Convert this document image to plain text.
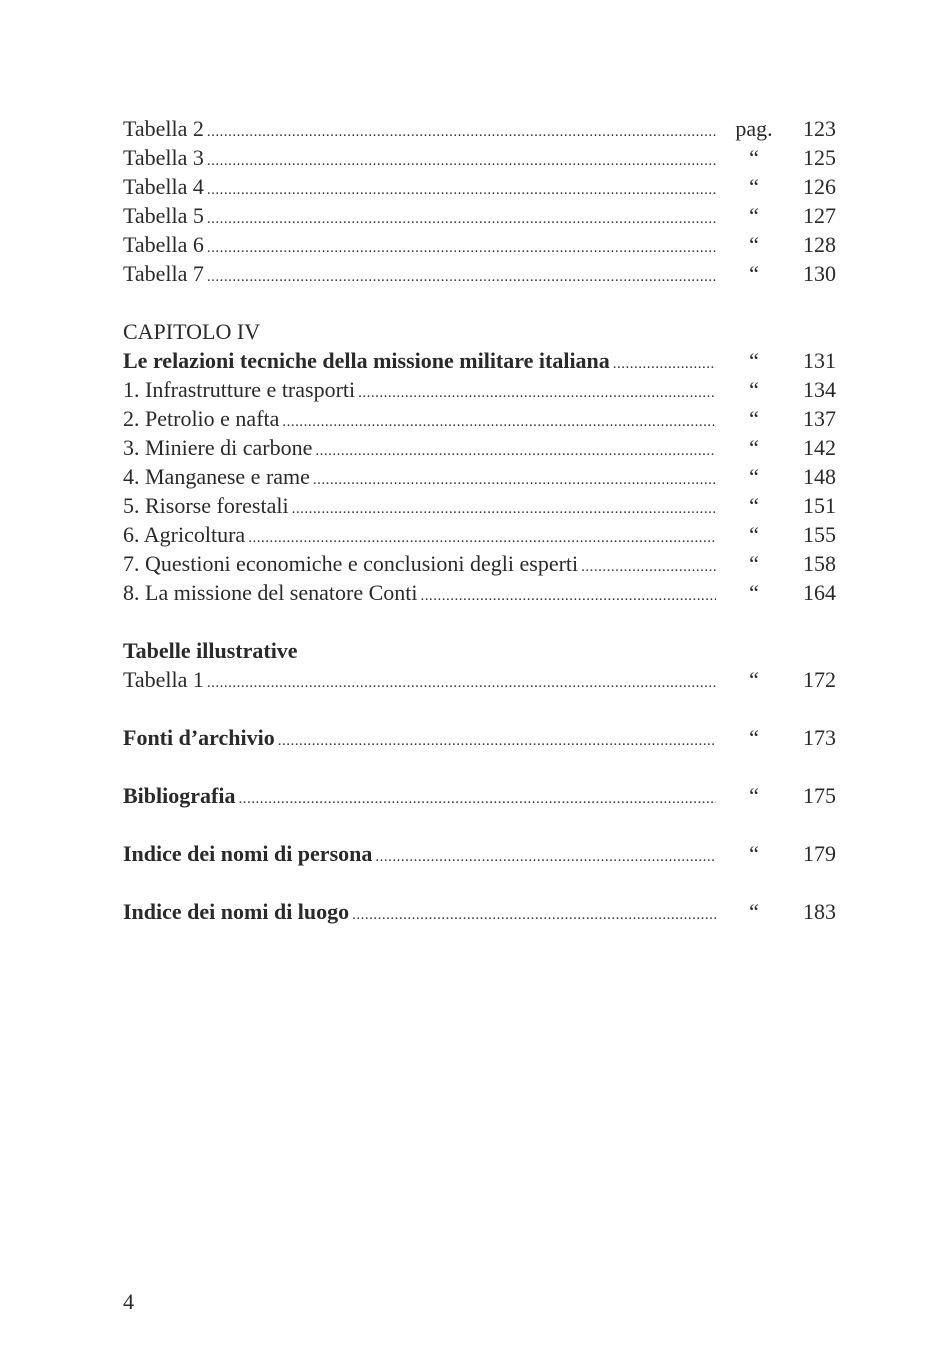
Tabella 2 .....	pag.	123
Tabella 3 .....	“	125
Tabella 4 .....	“	126
Tabella 5 .....	“	127
Tabella 6 .....	“	128
Tabella 7 .....	“	130
CAPITOLO IV
Le relazioni tecniche della missione militare italiana .....	“	131
1. Infrastrutture e trasporti .....	“	134
2. Petrolio e nafta .....	“	137
3. Miniere di carbone .....	“	142
4. Manganese e rame .....	“	148
5. Risorse forestali .....	“	151
6. Agricoltura .....	“	155
7. Questioni economiche e conclusioni degli esperti .....	“	158
8. La missione del senatore Conti .....	“	164
Tabelle illustrative
Tabella 1 .....	“	172
Fonti d’archivio .....	“	173
Bibliografia .....	“	175
Indice dei nomi di persona .....	“	179
Indice dei nomi di luogo .....	“	183
4
